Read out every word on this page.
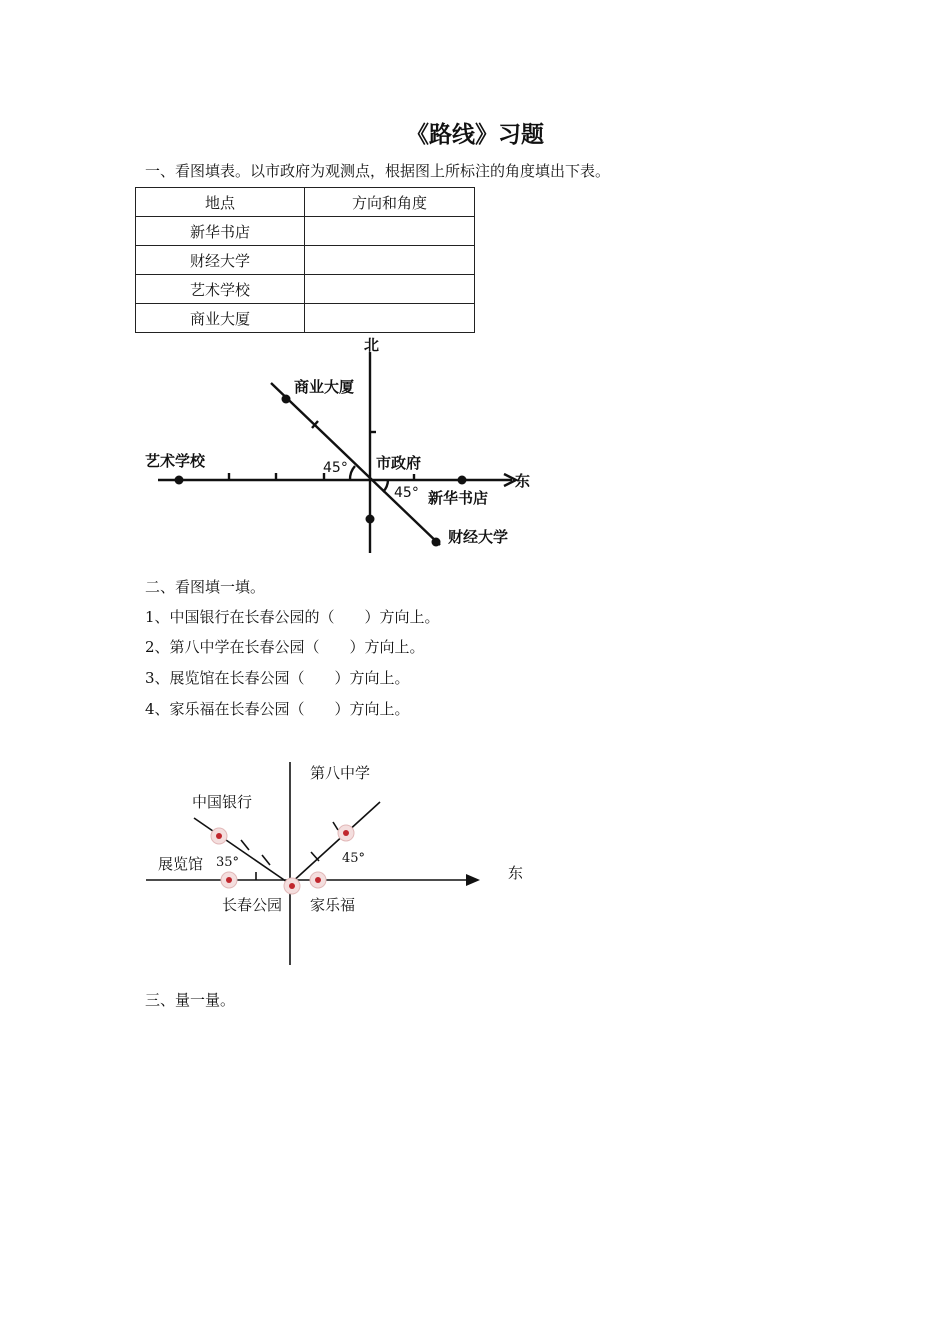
《路线》习题
一、看图填表。以市政府为观测点，根据图上所标注的角度填出下表。
地点	方向和角度
新华书店	
财经大学	
艺术学校	
商业大厦	
北
东
商业大厦
艺术学校	市政府
新华书店
财经大学
45°
45°
二、看图填一填。
1、中国银行在长春公园的（　　）方向上。
2、第八中学在长春公园（　　）方向上。
3、展览馆在长春公园（　　）方向上。
4、家乐福在长春公园（　　）方向上。
第八中学
中国银行
展览馆
长春公园 家乐福
东
35°	45°
三、量一量。
